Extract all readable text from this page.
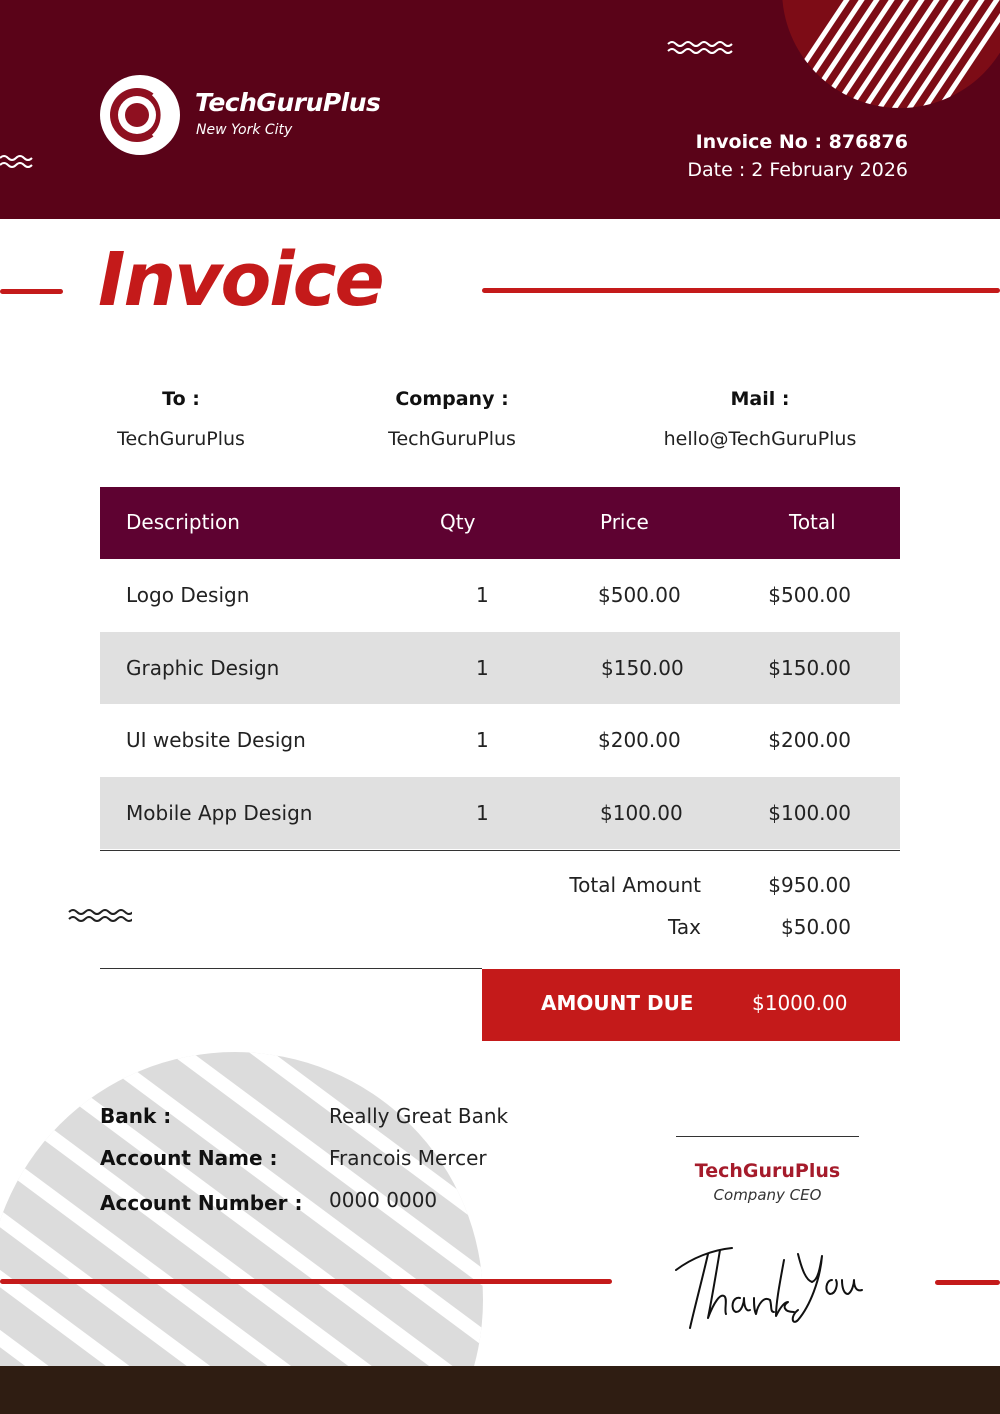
TechGuruPlus
New York City
Invoice No : 876876
Date : 2 February 2026
Invoice
To :
TechGuruPlus
Company :
TechGuruPlus
Mail :
hello@TechGuruPlus
Description	Qty	Price	Total
Logo Design	1	$500.00	$500.00
Graphic Design	1	$150.00	$150.00
UI website Design	1	$200.00	$200.00
Mobile App Design	1	$100.00	$100.00
Total Amount	$950.00
Tax	$50.00
AMOUNT DUE	$1000.00
Bank :	Really Great Bank
Account Name :	Francois Mercer
Account Number :	0000 0000
TechGuruPlus
Company CEO
